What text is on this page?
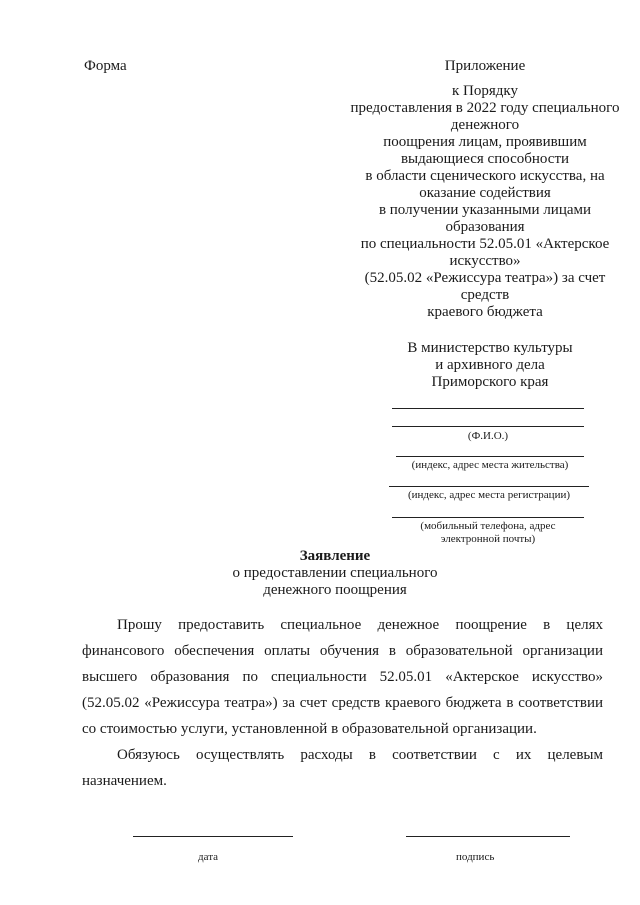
Форма	Приложение
к Порядку
предоставления в 2022 году специального
денежного
поощрения лицам, проявившим
выдающиеся способности
в области сценического искусства, на
оказание содействия
в получении указанными лицами
образования
по специальности 52.05.01 «Актерское
искусство»
(52.05.02 «Режиссура театра») за счет
средств
краевого бюджета
В министерство культуры
и архивного дела
Приморского края
(Ф.И.О.)
(индекс, адрес места жительства)
(индекс, адрес места регистрации)
(мобильный телефона, адрес
электронной почты)
Заявление
о предоставлении специального
денежного поощрения

Прошу предоставить специальное денежное поощрение в целях финансового обеспечения оплаты обучения в образовательной организации высшего образования по специальности 52.05.01 «Актерское искусство» (52.05.02 «Режиссура театра») за счет средств краевого бюджета в соответствии со стоимостью услуги, установленной в образовательной организации.

Обязуюсь осуществлять расходы в соответствии с их целевым назначением.

дата	подпись
